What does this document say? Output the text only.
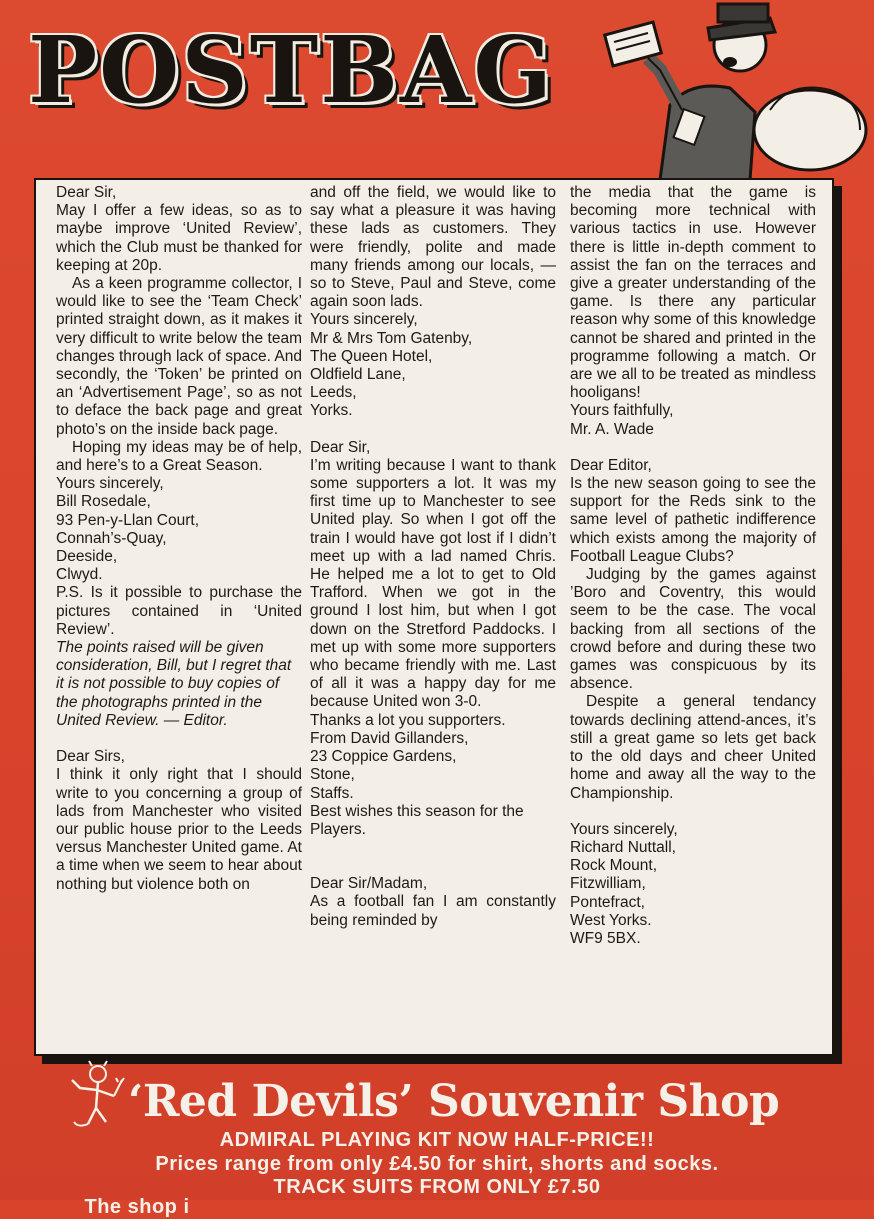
POSTBAG

Dear Sir,

May I offer a few ideas, so as to maybe improve ‘United Review’, which the Club must be thanked for keeping at 20p.

As a keen programme collector, I would like to see the ‘Team Check’ printed straight down, as it makes it very difficult to write below the team changes through lack of space. And secondly, the ‘Token’ be printed on an ‘Advertisement Page’, so as not to deface the back page and great photo’s on the inside back page.

Hoping my ideas may be of help, and here’s to a Great Season.

Yours sincerely,

Bill Rosedale,

93 Pen-y-Llan Court,

Connah’s-Quay,

Deeside,

Clwyd.

P.S. Is it possible to purchase the pictures contained in ‘United Review’.

The points raised will be given consideration, Bill, but I regret that it is not possible to buy copies of the photographs printed in the United Review. — Editor.

Dear Sirs,

I think it only right that I should write to you concerning a group of lads from Manchester who visited our public house prior to the Leeds versus Manchester United game. At a time when we seem to hear about nothing but violence both on

and off the field, we would like to say what a pleasure it was having these lads as customers. They were friendly, polite and made many friends among our locals, — so to Steve, Paul and Steve, come again soon lads.

Yours sincerely,

Mr & Mrs Tom Gatenby,

The Queen Hotel,

Oldfield Lane,

Leeds,

Yorks.

Dear Sir,

I’m writing because I want to thank some supporters a lot. It was my first time up to Manchester to see United play. So when I got off the train I would have got lost if I didn’t meet up with a lad named Chris. He helped me a lot to get to Old Trafford. When we got in the ground I lost him, but when I got down on the Stretford Paddocks. I met up with some more supporters who became friendly with me. Last of all it was a happy day for me because United won 3-0.

Thanks a lot you supporters.

From David Gillanders,

23 Coppice Gardens,

Stone,

Staffs.

Best wishes this season for the Players.

Dear Sir/Madam,

As a football fan I am constantly being reminded by

the media that the game is becoming more technical with various tactics in use. However there is little in-depth comment to assist the fan on the terraces and give a greater understanding of the game. Is there any particular reason why some of this knowledge cannot be shared and printed in the programme following a match. Or are we all to be treated as mindless hooligans!

Yours faithfully,

Mr. A. Wade

Dear Editor,

Is the new season going to see the support for the Reds sink to the same level of pathetic indifference which exists among the majority of Football League Clubs?

Judging by the games against ’Boro and Coventry, this would seem to be the case. The vocal backing from all sections of the crowd before and during these two games was conspicuous by its absence.

Despite a general tendancy towards declining attend-ances, it’s still a great game so lets get back to the old days and cheer United home and away all the way to the Championship.

Yours sincerely,

Richard Nuttall,

Rock Mount,

Fitzwilliam,

Pontefract,

West Yorks.

WF9 5BX.

‘Red Devils’ Souvenir Shop
ADMIRAL PLAYING KIT NOW HALF-PRICE!!
Prices range from only £4.50 for shirt, shorts and socks.
TRACK SUITS FROM ONLY £7.50
The shop i
